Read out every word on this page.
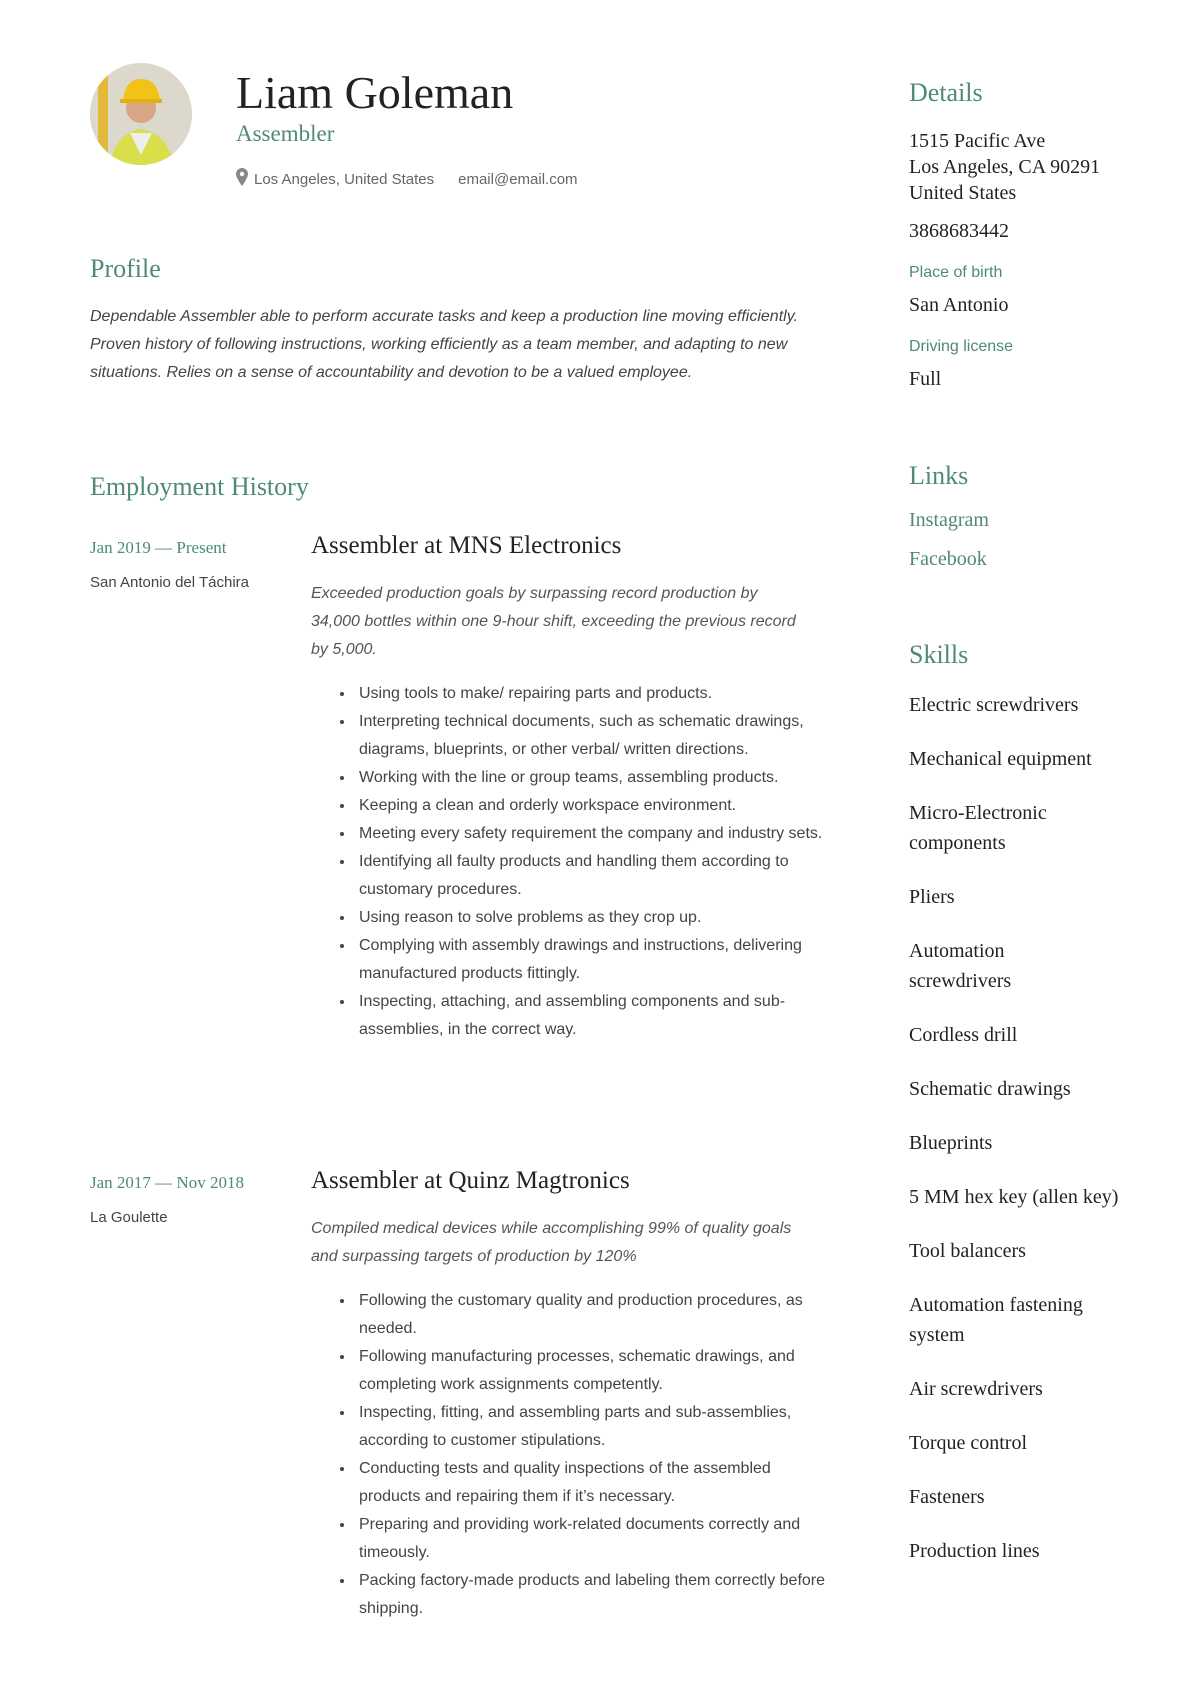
Liam Goleman
Assembler
Los Angeles, United States email@email.com
Profile
Dependable Assembler able to perform accurate tasks and keep a production line moving efficiently. Proven history of following instructions, working efficiently as a team member, and adapting to new situations. Relies on a sense of accountability and devotion to be a valued employee.
Employment History
Jan 2019 — Present
San Antonio del Táchira
Assembler at MNS Electronics
Exceeded production goals by surpassing record production by 34,000 bottles within one 9-hour shift, exceeding the previous record by 5,000.
• Using tools to make/ repairing parts and products.
• Interpreting technical documents, such as schematic drawings, diagrams, blueprints, or other verbal/ written directions.
• Working with the line or group teams, assembling products.
• Keeping a clean and orderly workspace environment.
• Meeting every safety requirement the company and industry sets.
• Identifying all faulty products and handling them according to customary procedures.
• Using reason to solve problems as they crop up.
• Complying with assembly drawings and instructions, delivering manufactured products fittingly.
• Inspecting, attaching, and assembling components and sub-assemblies, in the correct way.
Jan 2017 — Nov 2018
La Goulette
Assembler at Quinz Magtronics
Compiled medical devices while accomplishing 99% of quality goals and surpassing targets of production by 120%
• Following the customary quality and production procedures, as needed.
• Following manufacturing processes, schematic drawings, and completing work assignments competently.
• Inspecting, fitting, and assembling parts and sub-assemblies, according to customer stipulations.
• Conducting tests and quality inspections of the assembled products and repairing them if it’s necessary.
• Preparing and providing work-related documents correctly and timeously.
• Packing factory-made products and labeling them correctly before shipping.
Details
1515 Pacific Ave
Los Angeles, CA 90291
United States
3868683442
Place of birth
San Antonio
Driving license
Full
Links
Instagram
Facebook
Skills
Electric screwdrivers
Mechanical equipment
Micro-Electronic components
Pliers
Automation screwdrivers
Cordless drill
Schematic drawings
Blueprints
5 MM hex key (allen key)
Tool balancers
Automation fastening system
Air screwdrivers
Torque control
Fasteners
Production lines
